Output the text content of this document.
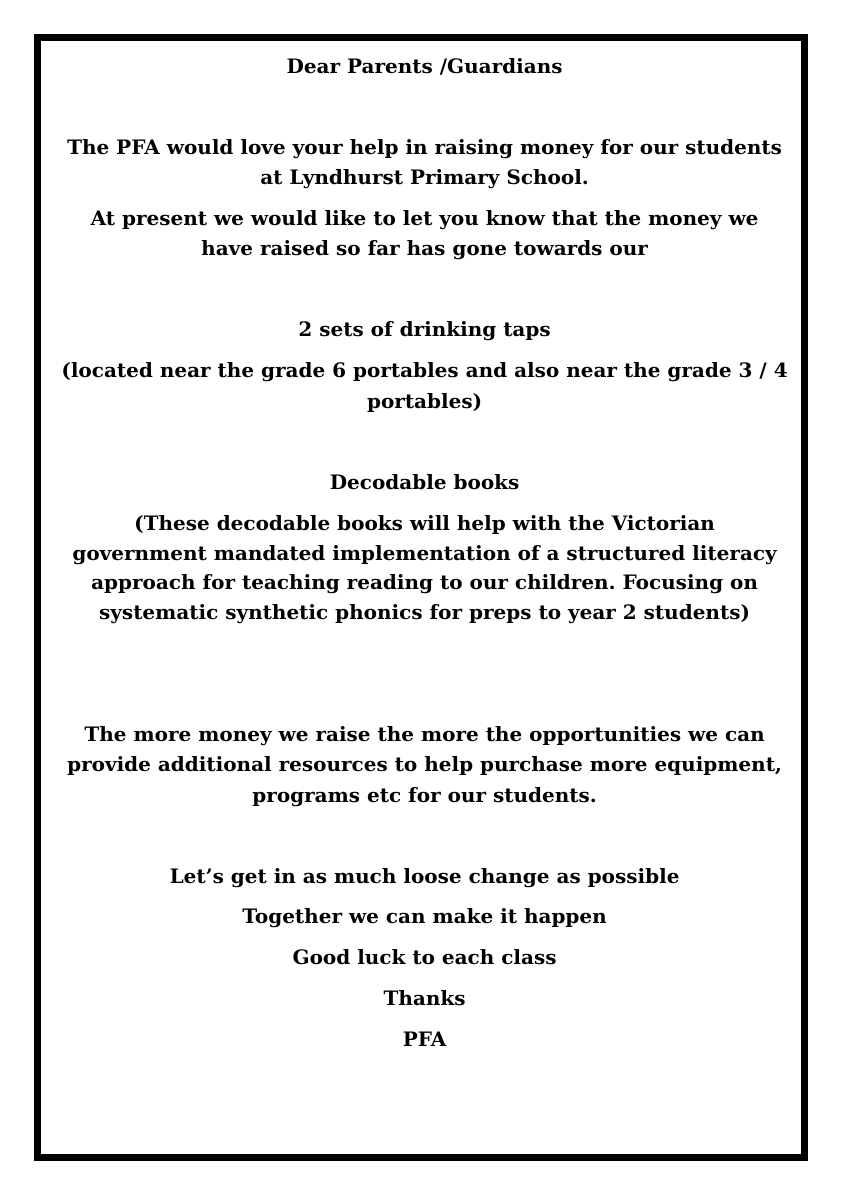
Dear Parents /Guardians
The PFA would love your help in raising money for our students
at Lyndhurst Primary School.
At present we would like to let you know that the money we
have raised so far has gone towards our
2 sets of drinking taps
(located near the grade 6 portables and also near the grade 3 / 4
portables)
Decodable books
(These decodable books will help with the Victorian
government mandated implementation of a structured literacy
approach for teaching reading to our children. Focusing on
systematic synthetic phonics for preps to year 2 students)
The more money we raise the more the opportunities we can
provide additional resources to help purchase more equipment,
programs etc for our students.
Let’s get in as much loose change as possible
Together we can make it happen
Good luck to each class
Thanks
PFA
